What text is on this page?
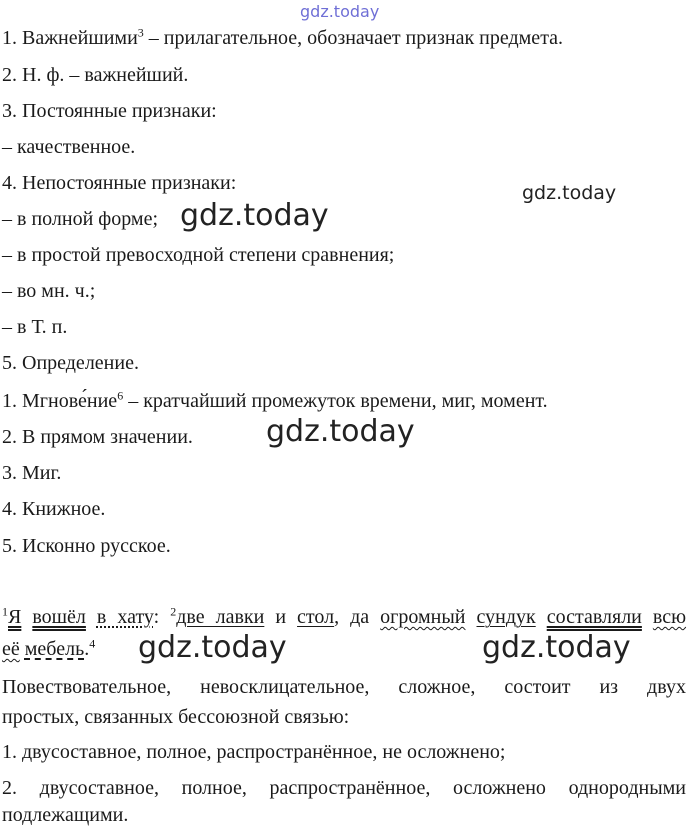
gdz.today
gdz.today
gdz.today
gdz.today
gdz.today	gdz.today
1. Важнейшими$^3$ – прилагательное, обозначает признак предмета.
2. Н. ф. – важнейший.
3. Постоянные признаки:
– качественное.
4. Непостоянные признаки:
– в полной форме;
– в простой превосходной степени сравнения;
– во мн. ч.;
– в Т. п.
5. Определение.
1. Мгнове́ние$^6$ – кратчайший промежуток времени, миг, момент.
2. В прямом значении.
3. Миг.
4. Книжное.
5. Исконно русское.
$^1$Я вошёл в хату: $^2$две лавки и стол, да огромный сундук составляли всю
её мебель.$^4$
Повествовательное, невосклицательное, сложное, состоит из двух
простых, связанных бессоюзной связью:
1. двусоставное, полное, распространённое, не осложнено;
2. двусоставное, полное, распространённое, осложнено однородными
подлежащими.
